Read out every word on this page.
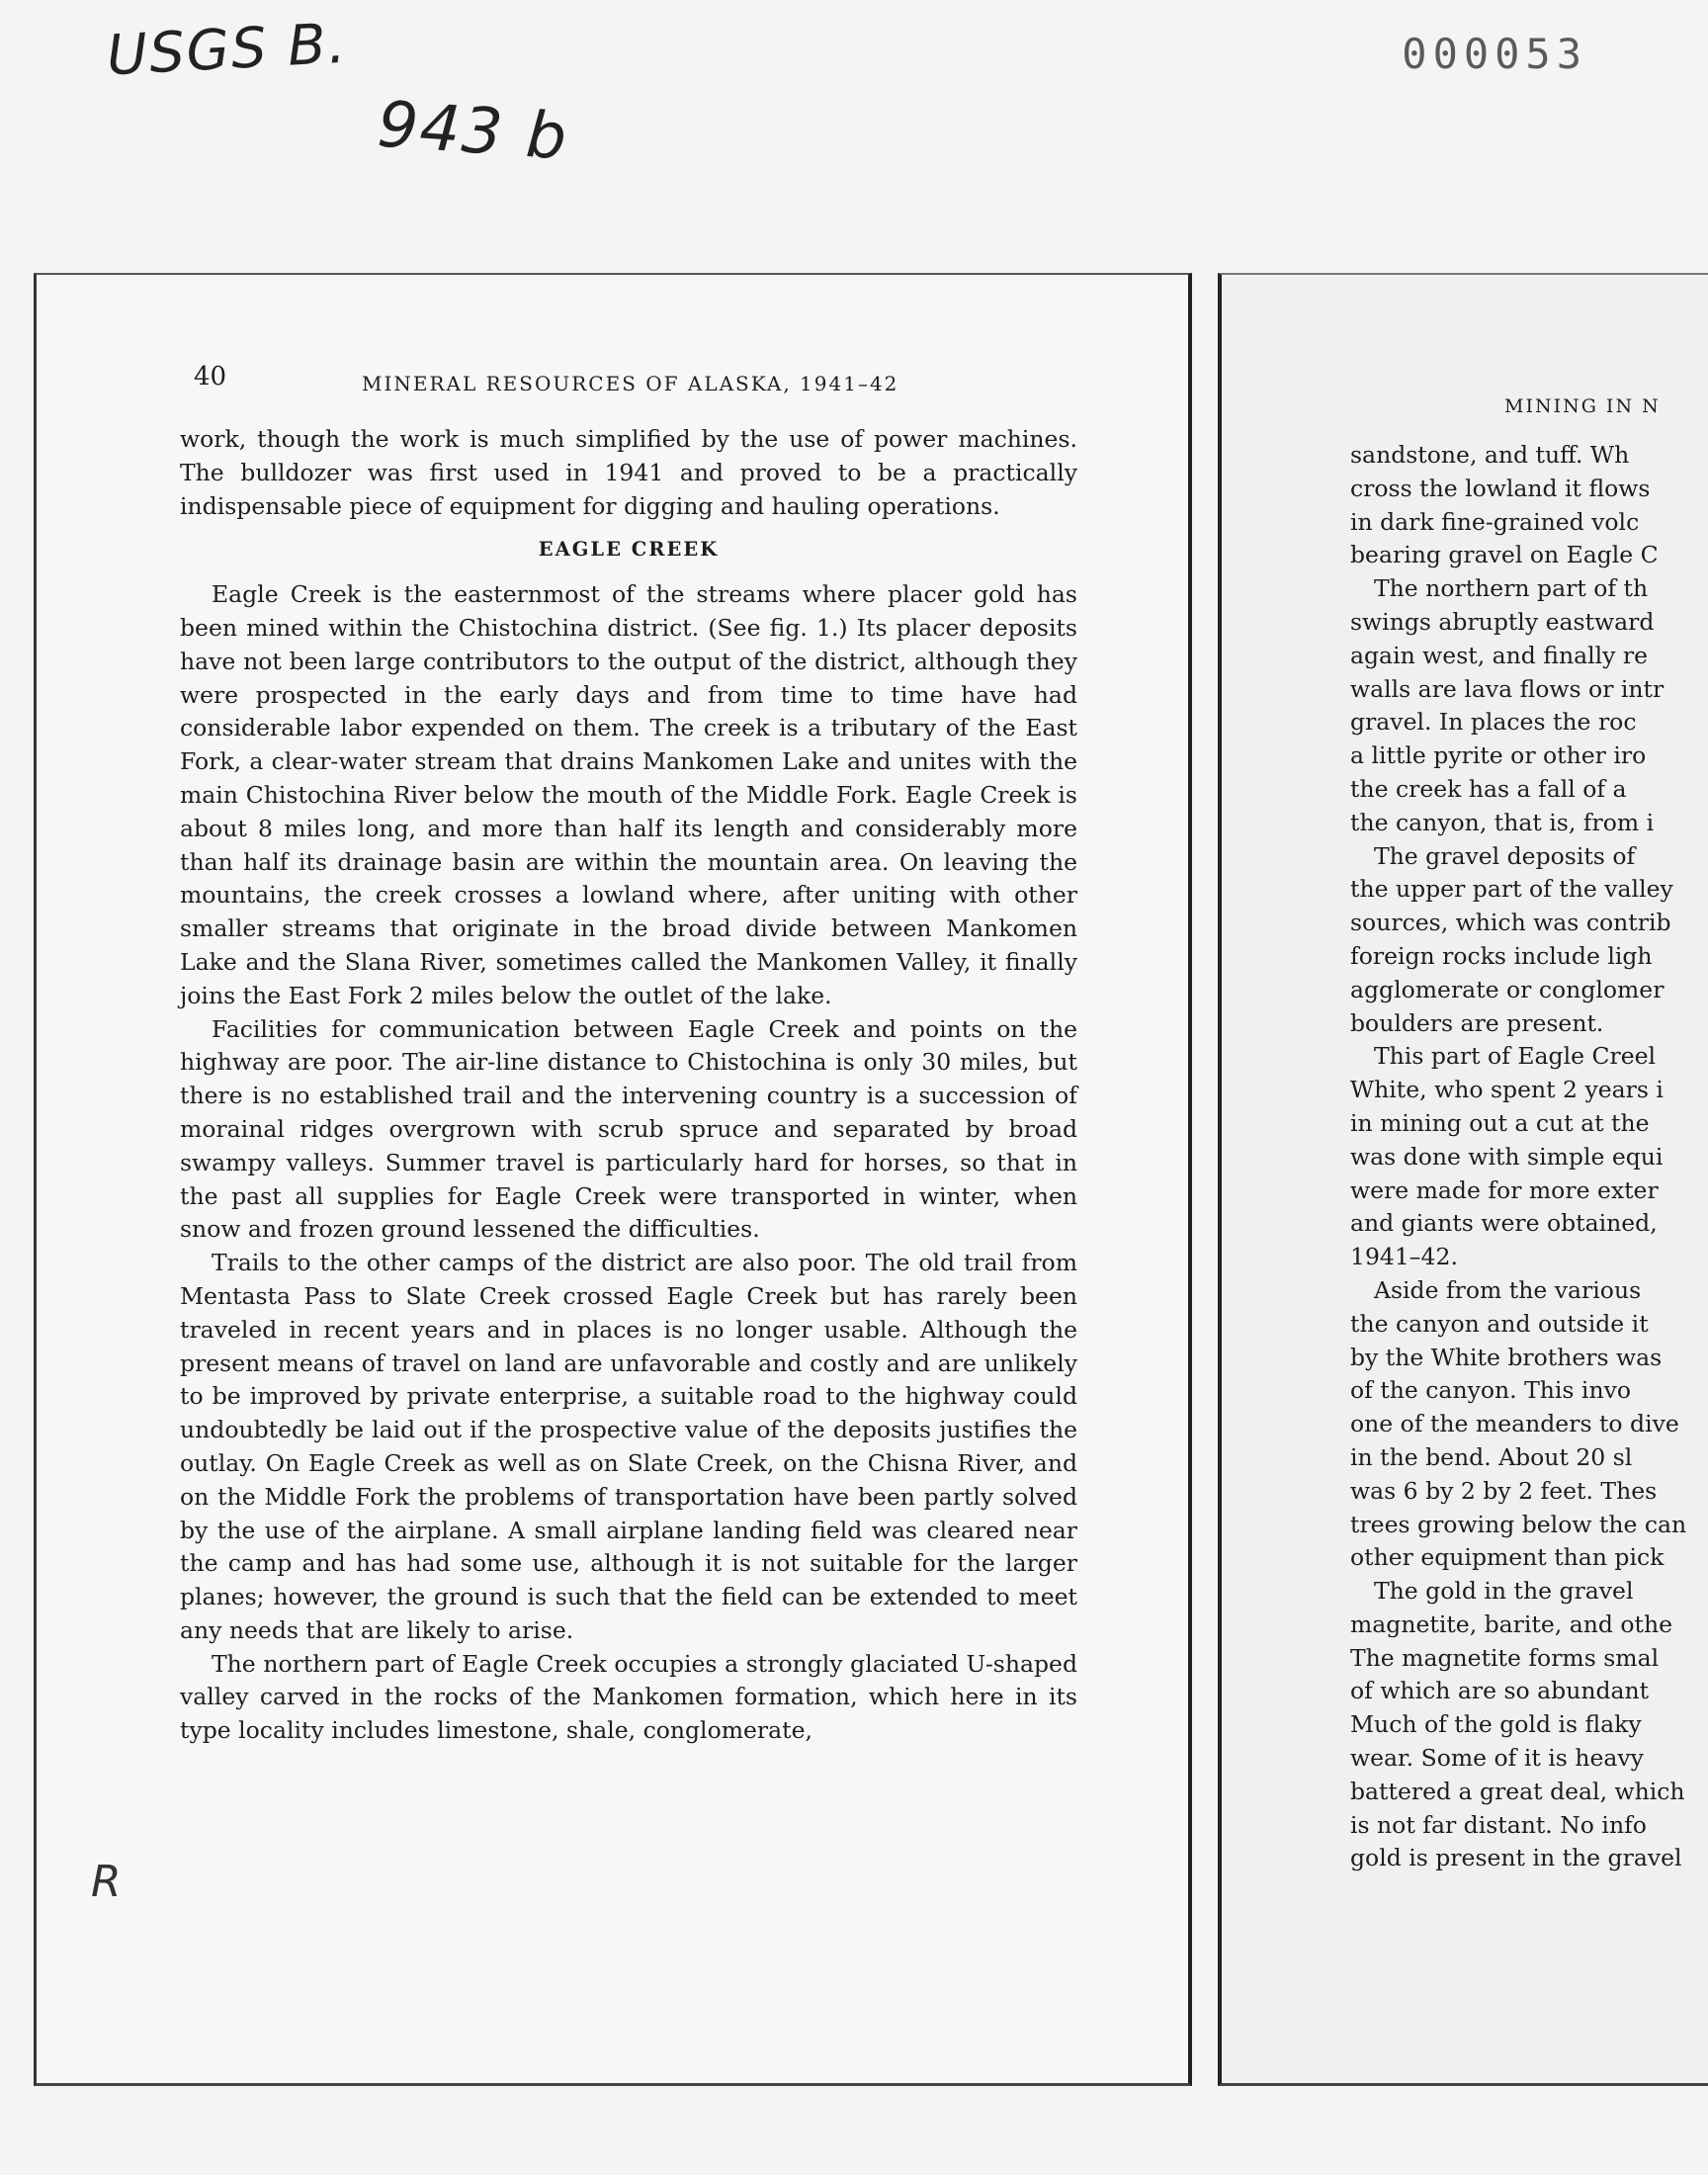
USGS B.
943 b
000053
40	MINERAL RESOURCES OF ALASKA, 1941–42

work, though the work is much simplified by the use of power machines. The bulldozer was first used in 1941 and proved to be a practically indispensable piece of equipment for digging and hauling operations.

EAGLE CREEK

Eagle Creek is the easternmost of the streams where placer gold has been mined within the Chistochina district. (See fig. 1.) Its placer deposits have not been large contributors to the output of the district, although they were prospected in the early days and from time to time have had considerable labor expended on them. The creek is a tributary of the East Fork, a clear-water stream that drains Mankomen Lake and unites with the main Chistochina River below the mouth of the Middle Fork. Eagle Creek is about 8 miles long, and more than half its length and considerably more than half its drainage basin are within the mountain area. On leaving the mountains, the creek crosses a lowland where, after uniting with other smaller streams that originate in the broad divide between Mankomen Lake and the Slana River, sometimes called the Mankomen Valley, it finally joins the East Fork 2 miles below the outlet of the lake.

Facilities for communication between Eagle Creek and points on the highway are poor. The air-line distance to Chistochina is only 30 miles, but there is no established trail and the intervening country is a succession of morainal ridges overgrown with scrub spruce and separated by broad swampy valleys. Summer travel is particularly hard for horses, so that in the past all supplies for Eagle Creek were transported in winter, when snow and frozen ground lessened the difficulties.

Trails to the other camps of the district are also poor. The old trail from Mentasta Pass to Slate Creek crossed Eagle Creek but has rarely been traveled in recent years and in places is no longer usable. Although the present means of travel on land are unfavorable and costly and are unlikely to be improved by private enterprise, a suitable road to the highway could undoubtedly be laid out if the prospective value of the deposits justifies the outlay. On Eagle Creek as well as on Slate Creek, on the Chisna River, and on the Middle Fork the problems of transportation have been partly solved by the use of the airplane. A small airplane landing field was cleared near the camp and has had some use, although it is not suitable for the larger planes; however, the ground is such that the field can be extended to meet any needs that are likely to arise.

The northern part of Eagle Creek occupies a strongly glaciated U-shaped valley carved in the rocks of the Mankomen formation, which here in its type locality includes limestone, shale, conglomerate,

R
MINING IN N
sandstone, and tuff. Wh
cross the lowland it flows
in dark fine-grained volc
bearing gravel on Eagle C
The northern part of th
swings abruptly eastward
again west, and finally re
walls are lava flows or intr
gravel. In places the roc
a little pyrite or other iro
the creek has a fall of a
the canyon, that is, from i
The gravel deposits of
the upper part of the valley
sources, which was contrib
foreign rocks include ligh
agglomerate or conglomer
boulders are present.
This part of Eagle Creel
White, who spent 2 years i
in mining out a cut at the
was done with simple equi
were made for more exter
and giants were obtained,
1941–42.
Aside from the various
the canyon and outside it
by the White brothers was
of the canyon. This invo
one of the meanders to dive
in the bend. About 20 sl
was 6 by 2 by 2 feet. Thes
trees growing below the can
other equipment than pick
The gold in the gravel
magnetite, barite, and othe
The magnetite forms smal
of which are so abundant
Much of the gold is flaky
wear. Some of it is heavy
battered a great deal, which
is not far distant. No info
gold is present in the gravel
